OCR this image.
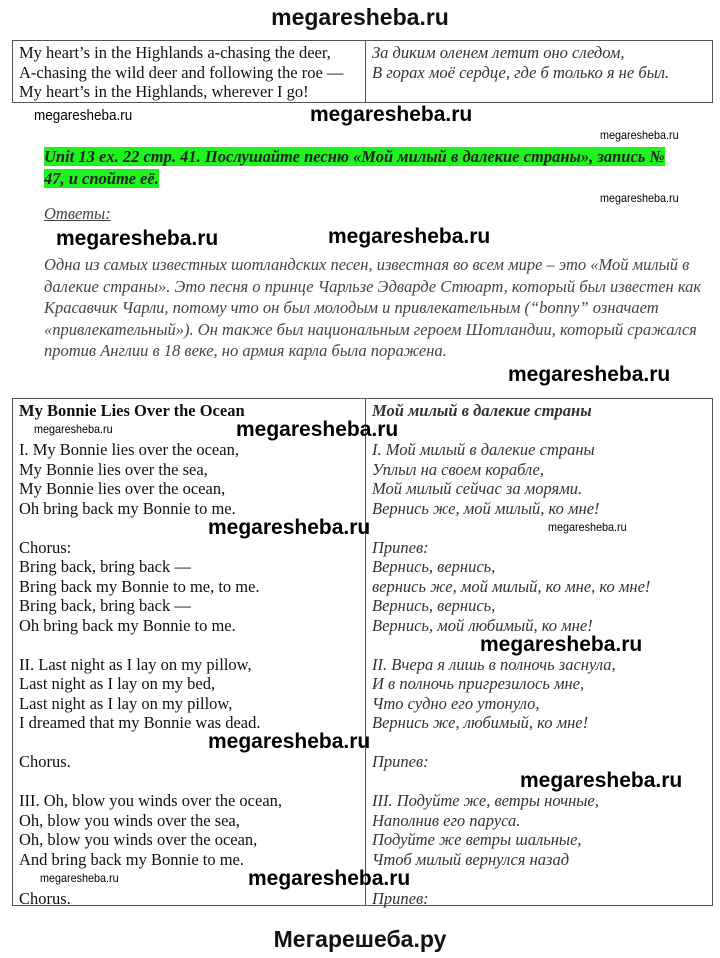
megaresheba.ru
My heart’s in the Highlands a-chasing the deer,
A-chasing the wild deer and following the roe —
My heart’s in the Highlands, wherever I go!
За диким оленем летит оно следом,
В горах моё сердце, где б только я не был.
Unit 13 ex. 22 стр. 41. Послушайте песню «Мой милый в далекие страны», запись № 47, и спойте её.
Ответы:
Одна из самых известных шотландских песен, известная во всем мире – это «Мой милый в далекие страны». Это песня о принце Чарльзе Эдварде Стюарт, который был известен как Красавчик Чарли, потому что он был молодым и привлекательным (“bonny” означает «привлекательный»). Он также был национальным героем Шотландии, который сражался против Англии в 18 веке, но армия карла была поражена.
My Bonnie Lies Over the Ocean
I. My Bonnie lies over the ocean,
My Bonnie lies over the sea,
My Bonnie lies over the ocean,
Oh bring back my Bonnie to me.
Chorus:
Bring back, bring back —
Bring back my Bonnie to me, to me.
Bring back, bring back —
Oh bring back my Bonnie to me.
II. Last night as I lay on my pillow,
Last night as I lay on my bed,
Last night as I lay on my pillow,
I dreamed that my Bonnie was dead.
Chorus.
III. Oh, blow you winds over the ocean,
Oh, blow you winds over the sea,
Oh, blow you winds over the ocean,
And bring back my Bonnie to me.
Chorus.
Мой милый в далекие страны
I. Мой милый в далекие страны
Уплыл на своем корабле,
Мой милый сейчас за морями.
Вернись же, мой милый, ко мне!
Припев:
Вернись, вернись,
вернись же, мой милый, ко мне, ко мне!
Вернись, вернись,
Вернись, мой любимый, ко мне!
II. Вчера я лишь в полночь заснула,
И в полночь пригрезилось мне,
Что судно его утонуло,
Вернись же, любимый, ко мне!
Припев:
III. Подуйте же, ветры ночные,
Наполнив его паруса.
Подуйте же ветры шальные,
Чтоб милый вернулся назад
Припев:
megaresheba.ru
megaresheba.ru
megaresheba.ru
megaresheba.ru
megaresheba.ru	megaresheba.ru
megaresheba.ru
megaresheba.ru
megaresheba.ru
megaresheba.ru
megaresheba.ru
megaresheba.ru
megaresheba.ru
megaresheba.ru
megaresheba.ru	megaresheba.ru
Мегарешеба.ру
